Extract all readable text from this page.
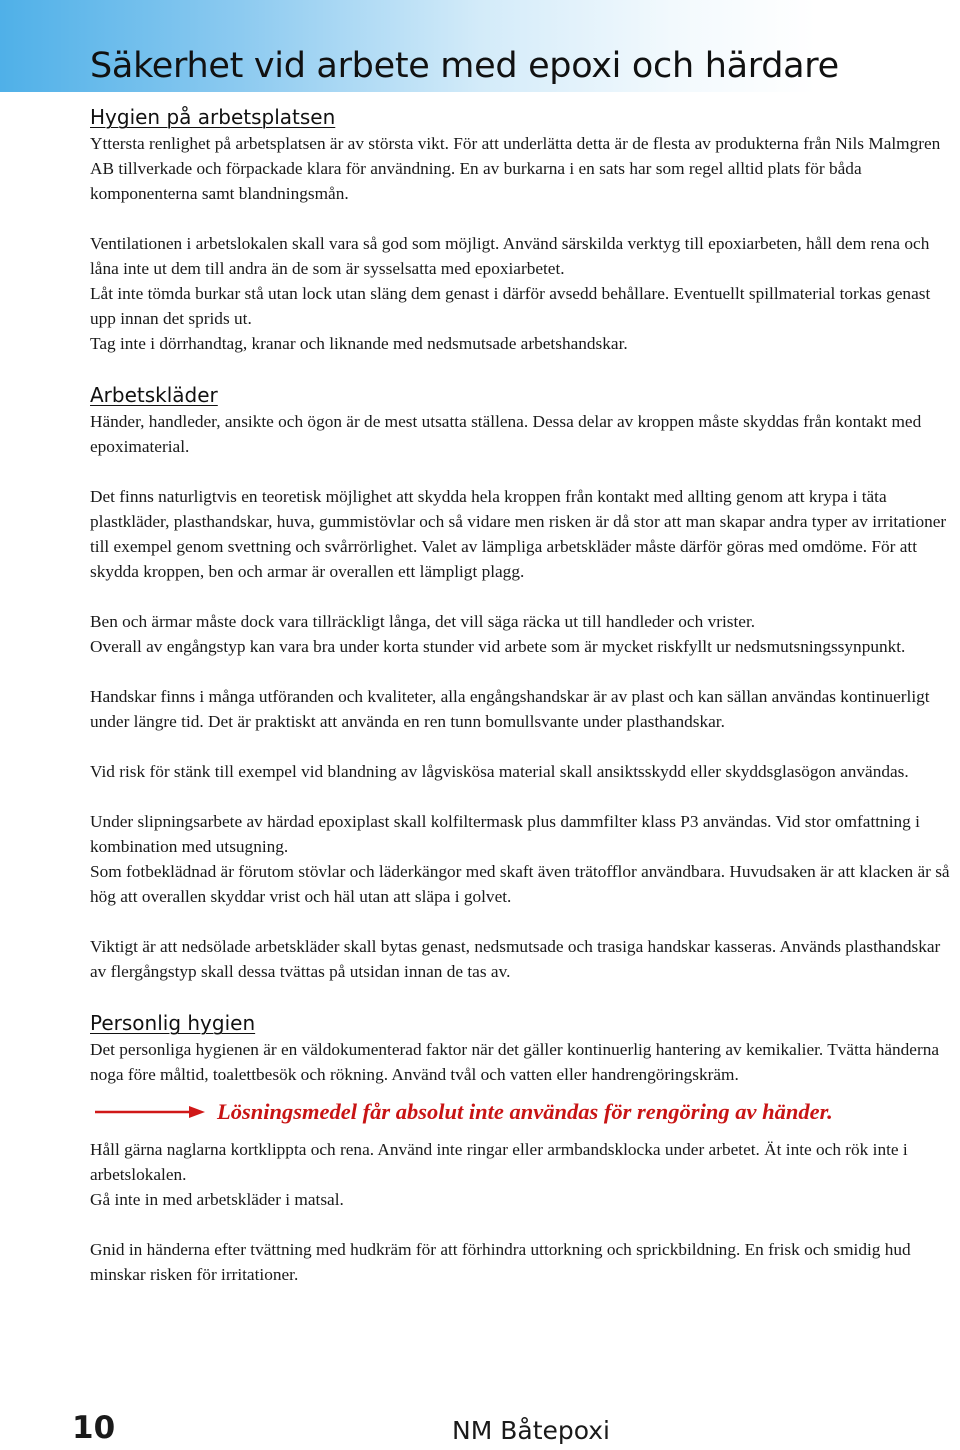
Säkerhet vid arbete med epoxi och härdare
Hygien på arbetsplatsen

Yttersta renlighet på arbetsplatsen är av största vikt. För att underlätta detta är de flesta av produkterna från Nils Malmgren AB tillverkade och förpackade klara för användning. En av burkarna i en sats har som regel alltid plats för båda komponenterna samt blandningsmån.

Ventilationen i arbetslokalen skall vara så god som möjligt. Använd särskilda verktyg till epoxiarbeten, håll dem rena och låna inte ut dem till andra än de som är sysselsatta med epoxiarbetet.

Låt inte tömda burkar stå utan lock utan släng dem genast i därför avsedd behållare. Eventuellt spillmaterial torkas genast upp innan det sprids ut.

Tag inte i dörrhandtag, kranar och liknande med nedsmutsade arbetshandskar.

Arbetskläder

Händer, handleder, ansikte och ögon är de mest utsatta ställena. Dessa delar av kroppen måste skyddas från kontakt med epoximaterial.

Det finns naturligtvis en teoretisk möjlighet att skydda hela kroppen från kontakt med allting genom att krypa i täta plastkläder, plasthandskar, huva, gummistövlar och så vidare men risken är då stor att man skapar andra typer av irritationer till exempel genom svettning och svårrörlighet. Valet av lämpliga arbetskläder måste därför göras med omdöme. För att skydda kroppen, ben och armar är overallen ett lämpligt plagg.

Ben och ärmar måste dock vara tillräckligt långa, det vill säga räcka ut till handleder och vrister.

Overall av engångstyp kan vara bra under korta stunder vid arbete som är mycket riskfyllt ur nedsmutsningssynpunkt.

Handskar finns i många utföranden och kvaliteter, alla engångshandskar är av plast och kan sällan användas kontinuerligt under längre tid. Det är praktiskt att använda en ren tunn bomullsvante under plasthandskar.

Vid risk för stänk till exempel vid blandning av lågviskösa material skall ansiktsskydd eller skyddsglasögon användas.

Under slipningsarbete av härdad epoxiplast skall kolfiltermask plus dammfilter klass P3 användas. Vid stor omfattning i kombination med utsugning.

Som fotbeklädnad är förutom stövlar och läderkängor med skaft även trätofflor användbara. Huvudsaken är att klacken är så hög att overallen skyddar vrist och häl utan att släpa i golvet.

Viktigt är att nedsölade arbetskläder skall bytas genast, nedsmutsade och trasiga handskar kasseras. Används plasthandskar av flergångstyp skall dessa tvättas på utsidan innan de tas av.

Personlig hygien

Det personliga hygienen är en väldokumenterad faktor när det gäller kontinuerlig hantering av kemikalier. Tvätta händerna noga före måltid, toalettbesök och rökning. Använd tvål och vatten eller handrengöringskräm.

Lösningsmedel får absolut inte användas för rengöring av händer.

Håll gärna naglarna kortklippta och rena. Använd inte ringar eller armbandsklocka under arbetet. Ät inte och rök inte i arbetslokalen.

Gå inte in med arbetskläder i matsal.

Gnid in händerna efter tvättning med hudkräm för att förhindra uttorkning och sprickbildning. En frisk och smidig hud minskar risken för irritationer.

10	NM Båtepoxi
